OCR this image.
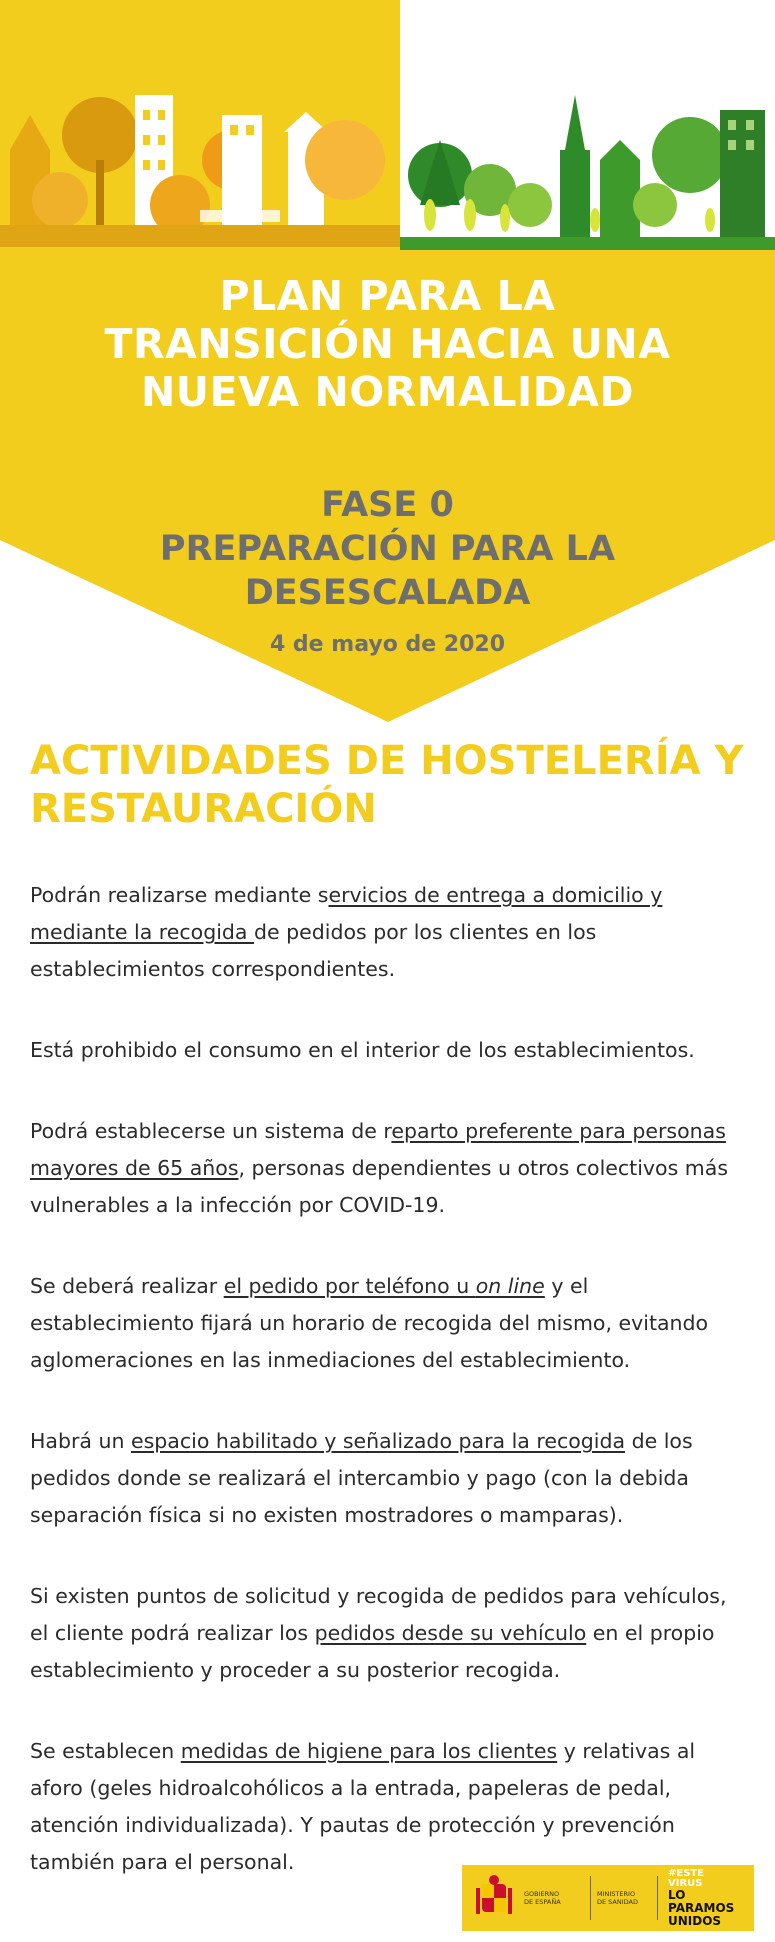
PLAN PARA LA
TRANSICIÓN HACIA UNA
NUEVA NORMALIDAD
FASE 0
PREPARACIÓN PARA LA
DESESCALADA

4 de mayo de 2020

ACTIVIDADES DE HOSTELERÍA Y
RESTAURACIÓN

Podrán realizarse mediante servicios de entrega a domicilio y mediante la recogida de pedidos por los clientes en los establecimientos correspondientes.

Está prohibido el consumo en el interior de los establecimientos.

Podrá establecerse un sistema de reparto preferente para personas mayores de 65 años, personas dependientes u otros colectivos más vulnerables a la infección por COVID-19.

Se deberá realizar el pedido por teléfono u on line y el establecimiento fijará un horario de recogida del mismo, evitando aglomeraciones en las inmediaciones del establecimiento.

Habrá un espacio habilitado y señalizado para la recogida de los pedidos donde se realizará el intercambio y pago (con la debida separación física si no existen mostradores o mamparas).

Si existen puntos de solicitud y recogida de pedidos para vehículos, el cliente podrá realizar los pedidos desde su vehículo en el propio establecimiento y proceder a su posterior recogida.

Se establecen medidas de higiene para los clientes y relativas al aforo (geles hidroalcohólicos a la entrada, papeleras de pedal, atención individualizada). Y pautas de protección y prevención también para el personal.

GOBIERNO
DE ESPAÑA
MINISTERIO
DE SANIDAD
#ESTE
VIRUS
LO
PARAMOS
UNIDOS
